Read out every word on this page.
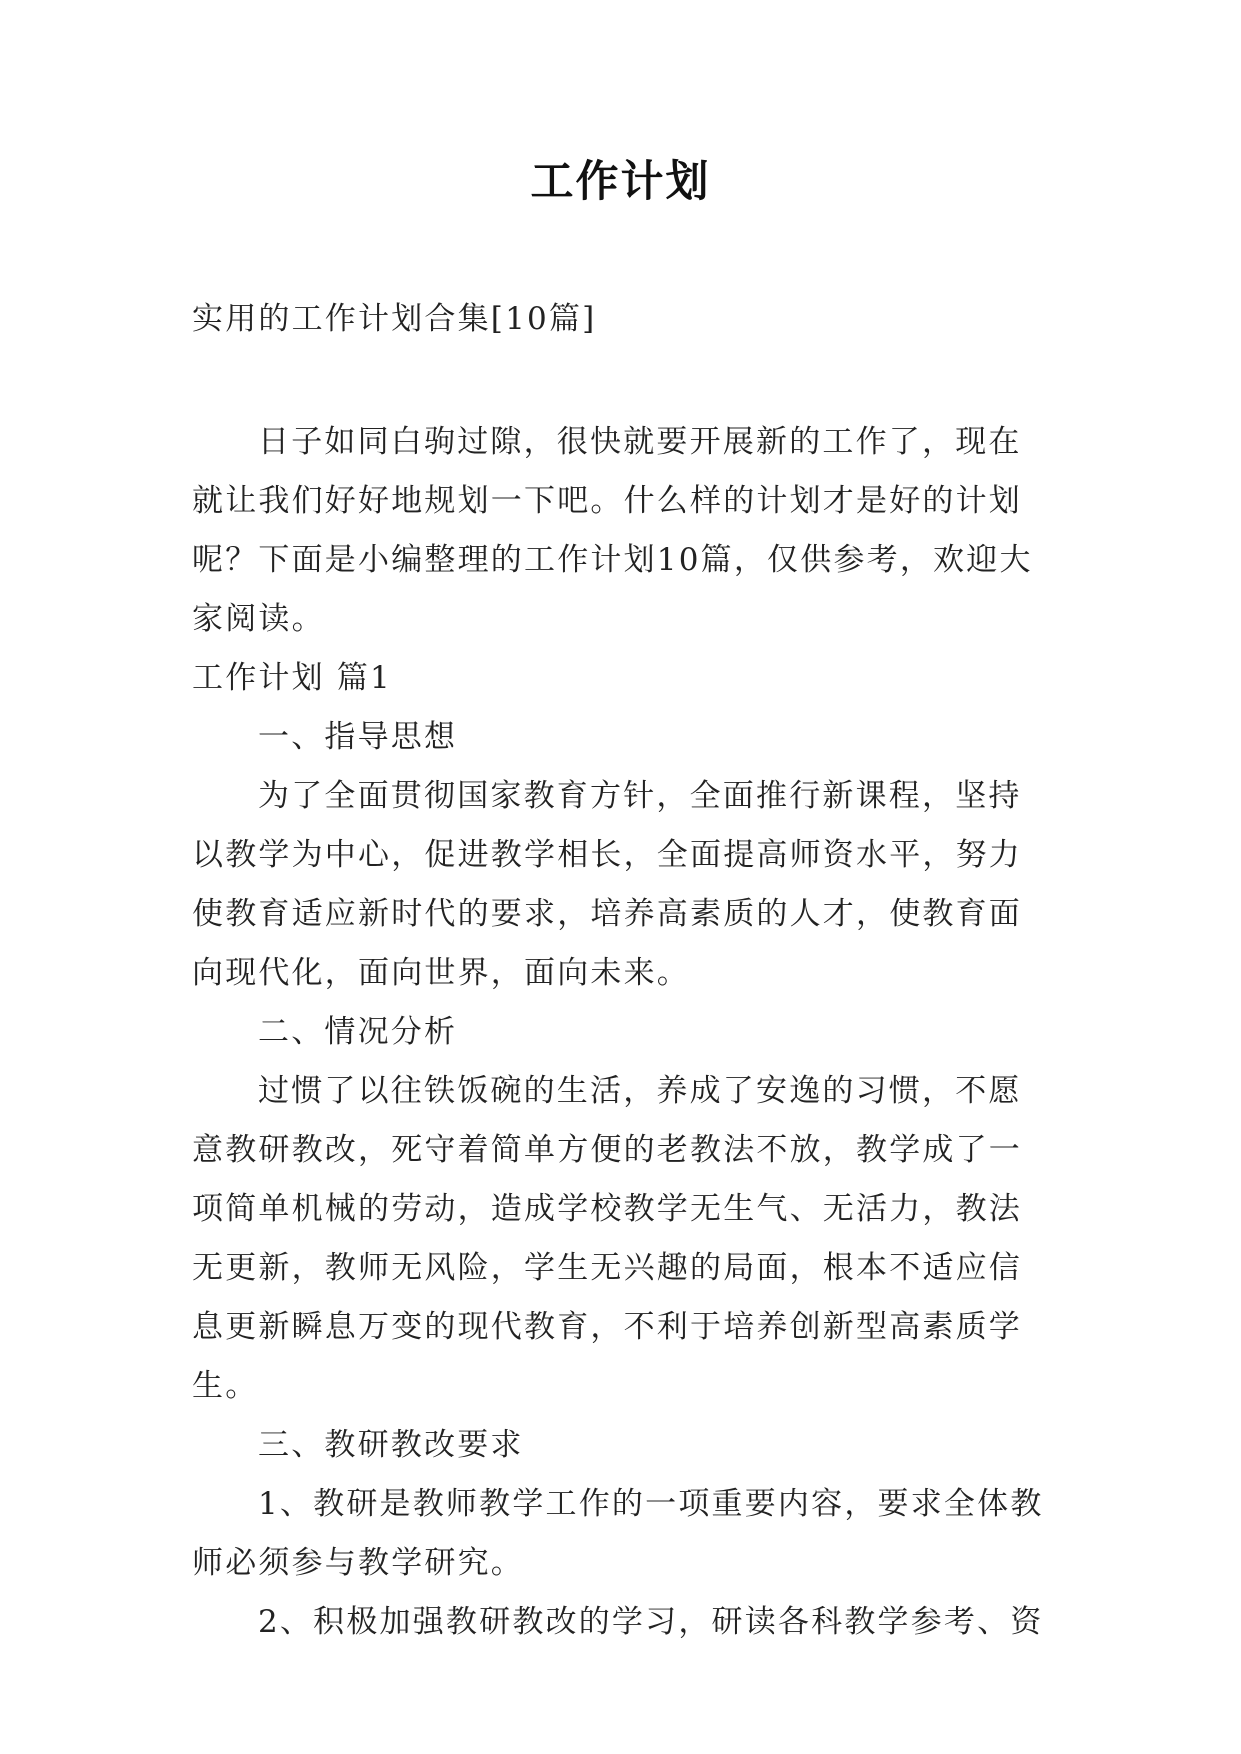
工作计划

实用的工作计划合集[10篇]

日子如同白驹过隙，很快就要开展新的工作了，现在就让我们好好地规划一下吧。什么样的计划才是好的计划呢？下面是小编整理的工作计划10篇，仅供参考，欢迎大家阅读。

工作计划 篇1

一、指导思想

为了全面贯彻国家教育方针，全面推行新课程，坚持以教学为中心，促进教学相长，全面提高师资水平，努力使教育适应新时代的要求，培养高素质的人才，使教育面向现代化，面向世界，面向未来。

二、情况分析

过惯了以往铁饭碗的生活，养成了安逸的习惯，不愿意教研教改，死守着简单方便的老教法不放，教学成了一项简单机械的劳动，造成学校教学无生气、无活力，教法无更新，教师无风险，学生无兴趣的局面，根本不适应信息更新瞬息万变的现代教育，不利于培养创新型高素质学生。

三、教研教改要求

1、教研是教师教学工作的一项重要内容，要求全体教师必须参与教学研究。

2、积极加强教研教改的学习，研读各科教学参考、资
